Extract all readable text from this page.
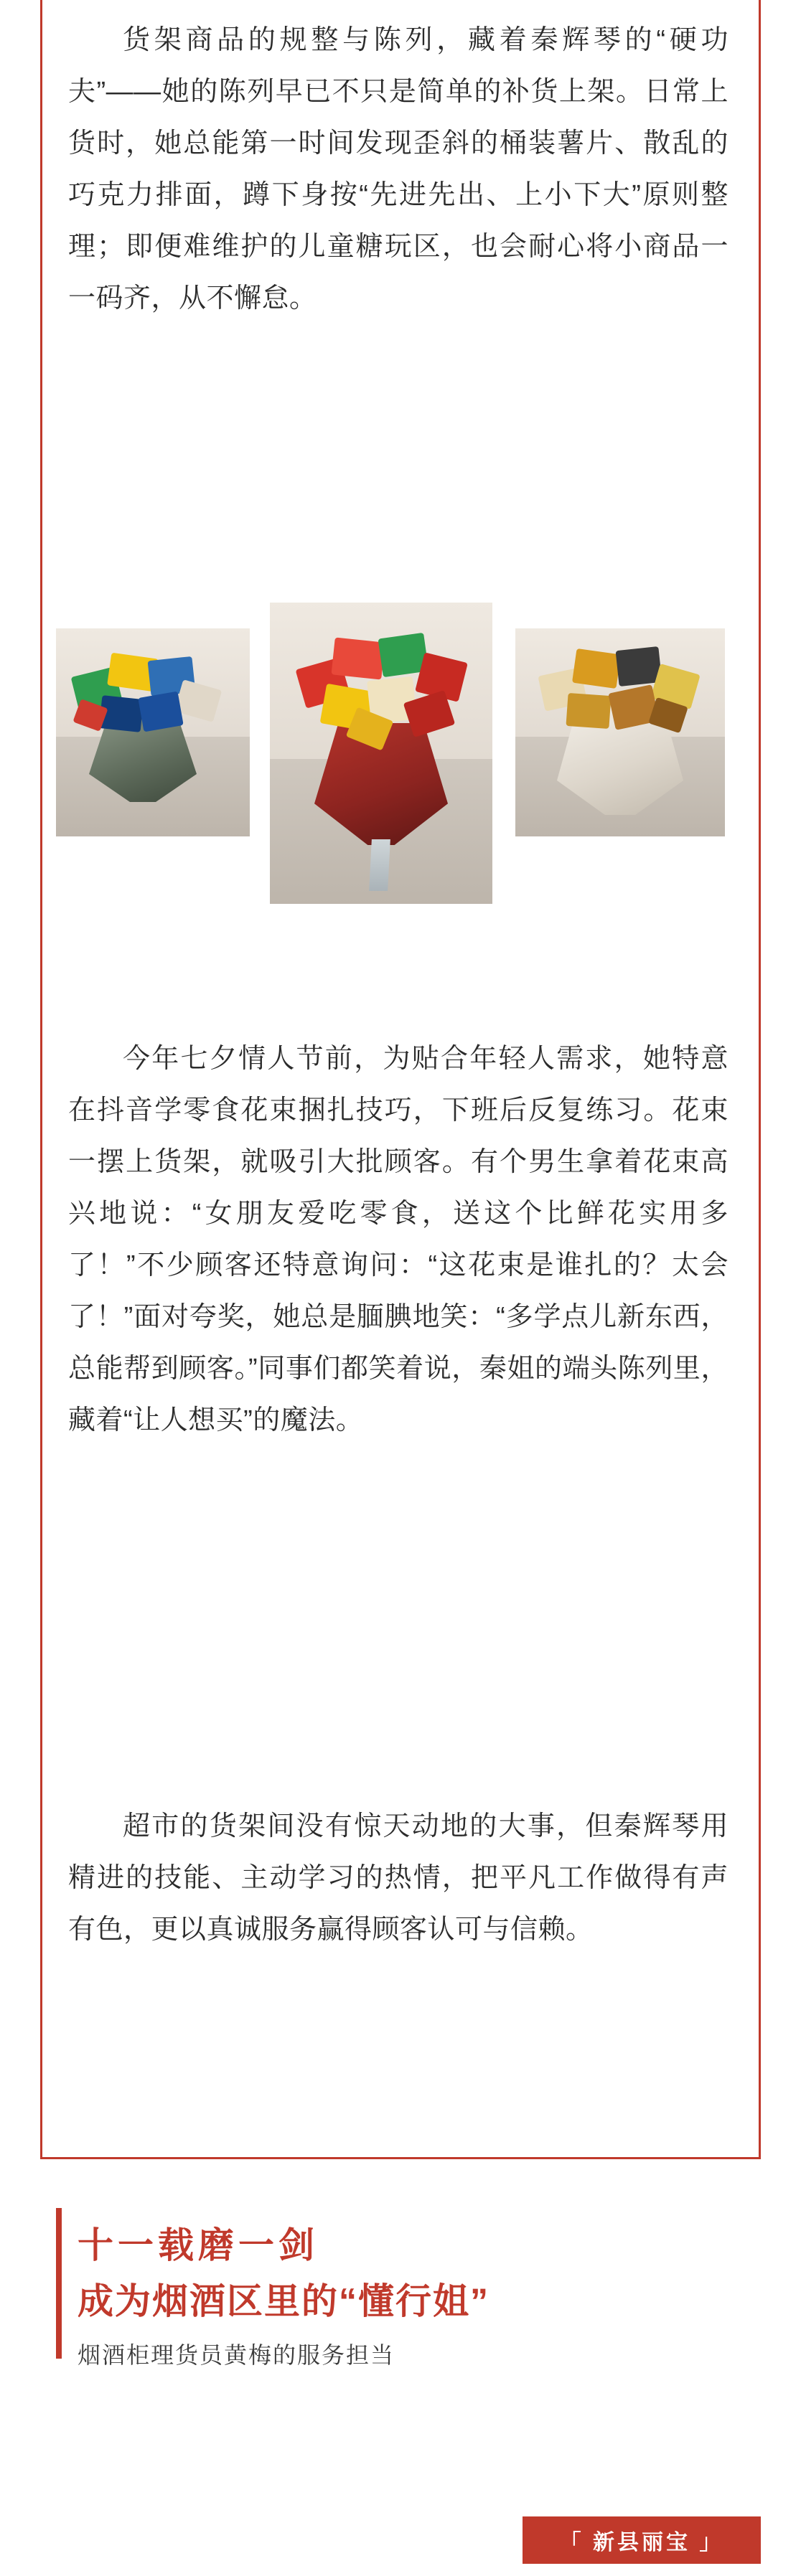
货架商品的规整与陈列，藏着秦辉琴的“硬功夫”——她的陈列早已不只是简单的补货上架。日常上货时，她总能第一时间发现歪斜的桶装薯片、散乱的巧克力排面，蹲下身按“先进先出、上小下大”原则整理；即便难维护的儿童糖玩区，也会耐心将小商品一一码齐，从不懈怠。

今年七夕情人节前，为贴合年轻人需求，她特意在抖音学零食花束捆扎技巧，下班后反复练习。花束一摆上货架，就吸引大批顾客。有个男生拿着花束高兴地说：“女朋友爱吃零食，送这个比鲜花实用多了！”不少顾客还特意询问：“这花束是谁扎的？太会了！”面对夸奖，她总是腼腆地笑：“多学点儿新东西，总能帮到顾客。”同事们都笑着说，秦姐的端头陈列里，藏着“让人想买”的魔法。

超市的货架间没有惊天动地的大事，但秦辉琴用精进的技能、主动学习的热情，把平凡工作做得有声有色，更以真诚服务赢得顾客认可与信赖。

十一载磨一剑
成为烟酒区里的“懂行姐”
烟酒柜理货员黄梅的服务担当
「 新县丽宝 」
